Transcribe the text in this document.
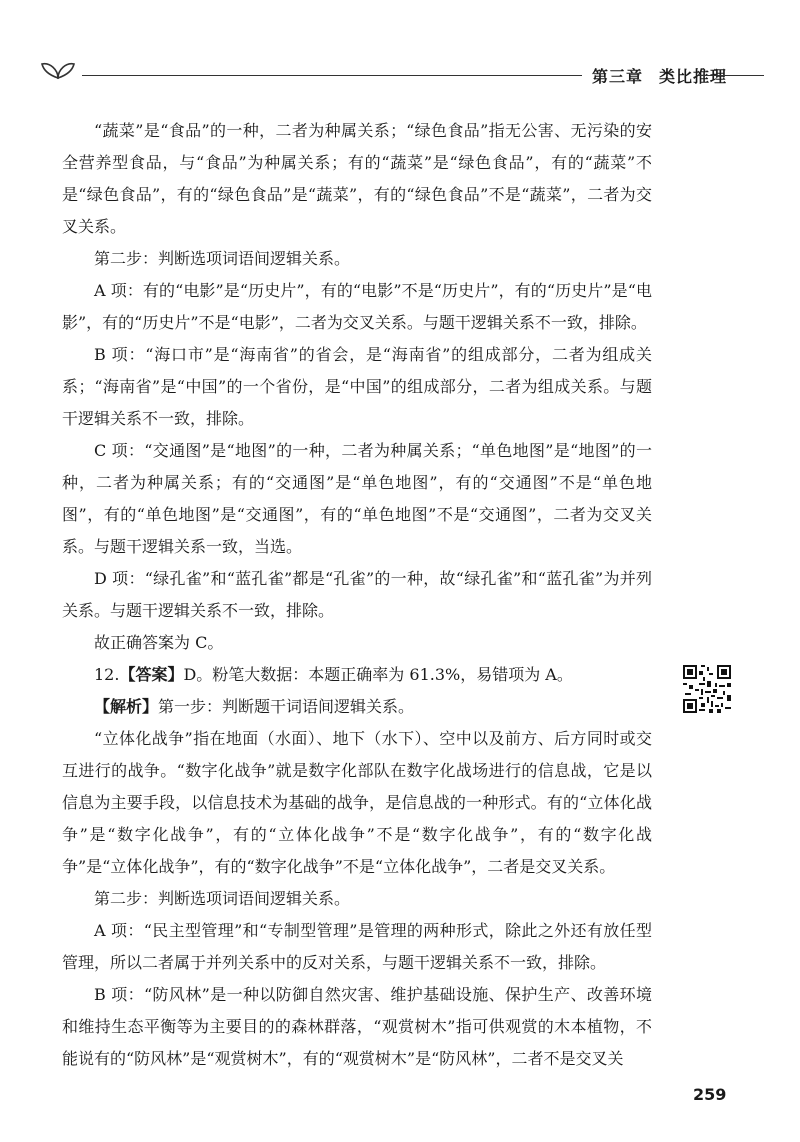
第三章 类比推理

“蔬菜”是“食品”的一种，二者为种属关系；“绿色食品”指无公害、无污染的安全营养型食品，与“食品”为种属关系；有的“蔬菜”是“绿色食品”，有的“蔬菜”不是“绿色食品”，有的“绿色食品”是“蔬菜”，有的“绿色食品”不是“蔬菜”，二者为交叉关系。

第二步：判断选项词语间逻辑关系。

A 项：有的“电影”是“历史片”，有的“电影”不是“历史片”，有的“历史片”是“电影”，有的“历史片”不是“电影”，二者为交叉关系。与题干逻辑关系不一致，排除。

B 项：“海口市”是“海南省”的省会，是“海南省”的组成部分，二者为组成关系；“海南省”是“中国”的一个省份，是“中国”的组成部分，二者为组成关系。与题干逻辑关系不一致，排除。

C 项：“交通图”是“地图”的一种，二者为种属关系；“单色地图”是“地图”的一种，二者为种属关系；有的“交通图”是“单色地图”，有的“交通图”不是“单色地图”，有的“单色地图”是“交通图”，有的“单色地图”不是“交通图”，二者为交叉关系。与题干逻辑关系一致，当选。

D 项：“绿孔雀”和“蓝孔雀”都是“孔雀”的一种，故“绿孔雀”和“蓝孔雀”为并列关系。与题干逻辑关系不一致，排除。

故正确答案为 C。

12.【答案】D。粉笔大数据：本题正确率为 61.3%，易错项为 A。

【解析】第一步：判断题干词语间逻辑关系。

“立体化战争”指在地面（水面）、地下（水下）、空中以及前方、后方同时或交互进行的战争。“数字化战争”就是数字化部队在数字化战场进行的信息战，它是以信息为主要手段，以信息技术为基础的战争，是信息战的一种形式。有的“立体化战争”是“数字化战争”，有的“立体化战争”不是“数字化战争”，有的“数字化战争”是“立体化战争”，有的“数字化战争”不是“立体化战争”，二者是交叉关系。

第二步：判断选项词语间逻辑关系。

A 项：“民主型管理”和“专制型管理”是管理的两种形式，除此之外还有放任型管理，所以二者属于并列关系中的反对关系，与题干逻辑关系不一致，排除。

B 项：“防风林”是一种以防御自然灾害、维护基础设施、保护生产、改善环境和维持生态平衡等为主要目的的森林群落，“观赏树木”指可供观赏的木本植物，不能说有的“防风林”是“观赏树木”，有的“观赏树木”是“防风林”，二者不是交叉关

259
